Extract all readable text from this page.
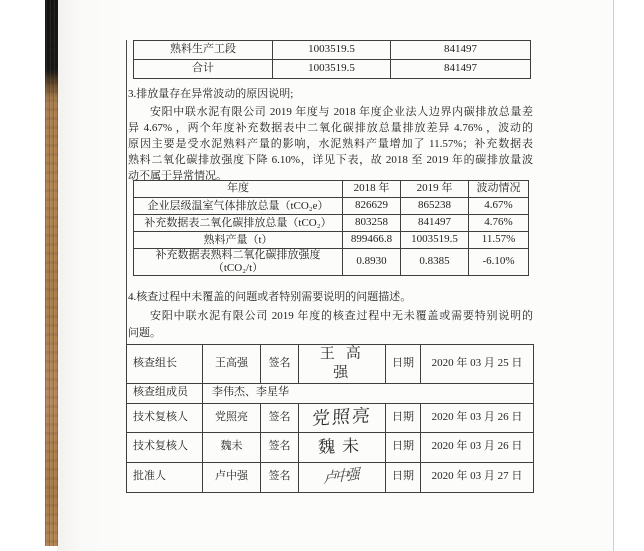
熟料生产工段	1003519.5	841497
合计	1003519.5	841497
3.排放量存在异常波动的原因说明;
安阳中联水泥有限公司 2019 年度与 2018 年度企业法人边界内碳排放总量差
异 4.67% ，两个年度补充数据表中二氧化碳排放总量排放差异 4.76% ，波动的
原因主要是受水泥熟料产量的影响，水泥熟料产量增加了 11.57%；补充数据表
熟料二氧化碳排放强度下降 6.10%，详见下表，故 2018 至 2019 年的碳排放量波
动不属于异常情况。
年度	2018 年	2019 年	波动情况
企业层级温室气体排放总量（tCO₂e）	826629	865238	4.67%
补充数据表二氧化碳排放总量（tCO₂）	803258	841497	4.76%
熟料产量（t）	899466.8	1003519.5	11.57%
补充数据表熟料二氧化碳排放强度（tCO₂/t）	0.8930	0.8385	-6.10%
4.核查过程中未覆盖的问题或者特别需要说明的问题描述。
安阳中联水泥有限公司 2019 年度的核查过程中无未覆盖或需要特别说明的
问题。
核查组长	王高强	签名	王高强	日期	2020 年 03 月 25 日
核查组成员	李伟杰、李星华				
技术复核人	党照亮	签名	党照亮	日期	2020 年 03 月 26 日
技术复核人	魏未	签名	魏未	日期	2020 年 03 月 26 日
批准人	卢中强	签名	卢中强	日期	2020 年 03 月 27 日
